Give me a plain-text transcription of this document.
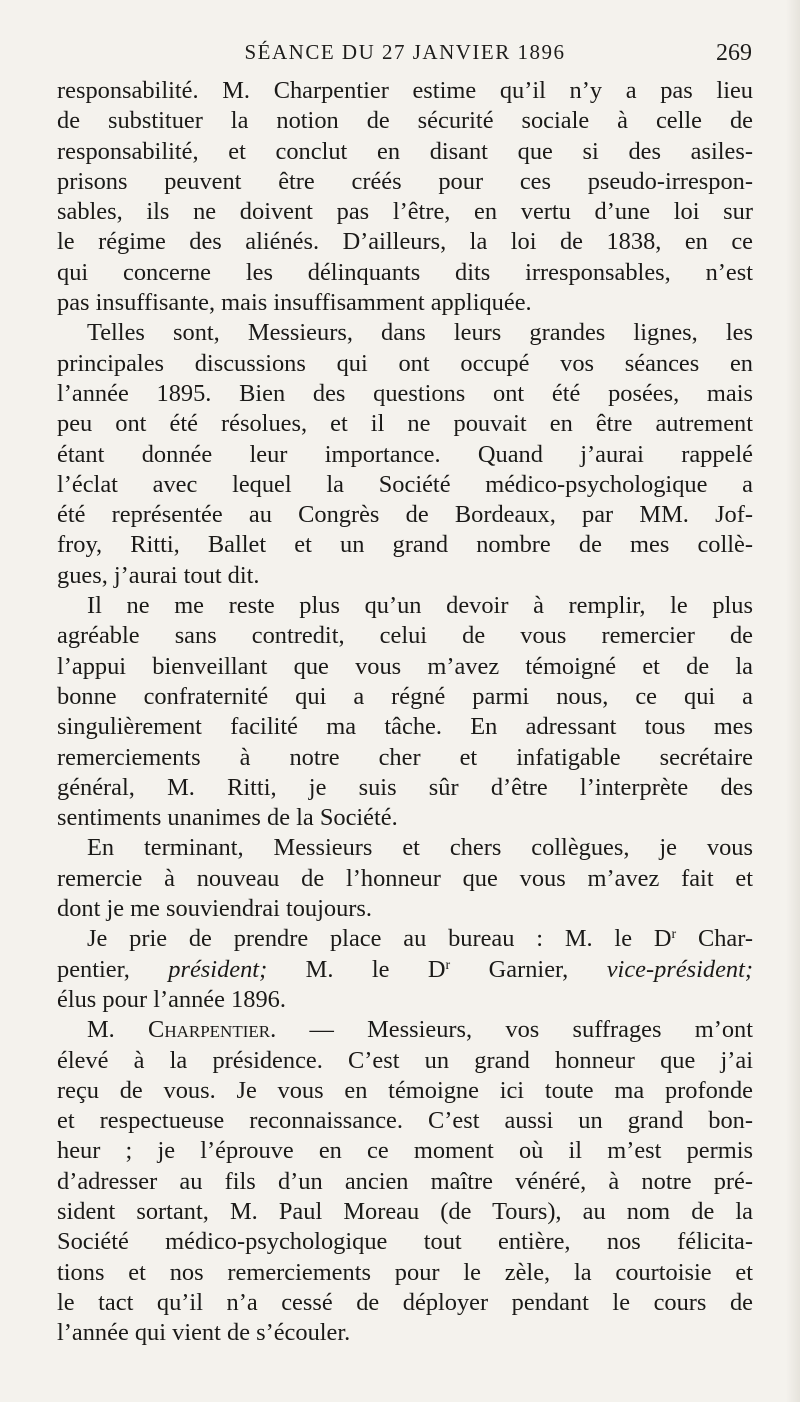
SÉANCE DU 27 JANVIER 1896	269
responsabilité. M. Charpentier estime qu’il n’y a pas lieu
de substituer la notion de sécurité sociale à celle de
responsabilité, et conclut en disant que si des asiles-
prisons peuvent être créés pour ces pseudo-irrespon-
sables, ils ne doivent pas l’être, en vertu d’une loi sur
le régime des aliénés. D’ailleurs, la loi de 1838, en ce
qui concerne les délinquants dits irresponsables, n’est
pas insuffisante, mais insuffisamment appliquée.
Telles sont, Messieurs, dans leurs grandes lignes, les
principales discussions qui ont occupé vos séances en
l’année 1895. Bien des questions ont été posées, mais
peu ont été résolues, et il ne pouvait en être autrement
étant donnée leur importance. Quand j’aurai rappelé
l’éclat avec lequel la Société médico-psychologique a
été représentée au Congrès de Bordeaux, par MM. Jof-
froy, Ritti, Ballet et un grand nombre de mes collè-
gues, j’aurai tout dit.
Il ne me reste plus qu’un devoir à remplir, le plus
agréable sans contredit, celui de vous remercier de
l’appui bienveillant que vous m’avez témoigné et de la
bonne confraternité qui a régné parmi nous, ce qui a
singulièrement facilité ma tâche. En adressant tous mes
remerciements à notre cher et infatigable secrétaire
général, M. Ritti, je suis sûr d’être l’interprète des
sentiments unanimes de la Société.
En terminant, Messieurs et chers collègues, je vous
remercie à nouveau de l’honneur que vous m’avez fait et
dont je me souviendrai toujours.
Je prie de prendre place au bureau : M. le $D^r$ Char-
pentier, président; M. le $D^r$ Garnier, vice-président;
élus pour l’année 1896.
M. Charpentier. — Messieurs, vos suffrages m’ont
élevé à la présidence. C’est un grand honneur que j’ai
reçu de vous. Je vous en témoigne ici toute ma profonde
et respectueuse reconnaissance. C’est aussi un grand bon-
heur ; je l’éprouve en ce moment où il m’est permis
d’adresser au fils d’un ancien maître vénéré, à notre pré-
sident sortant, M. Paul Moreau (de Tours), au nom de la
Société médico-psychologique tout entière, nos félicita-
tions et nos remerciements pour le zèle, la courtoisie et
le tact qu’il n’a cessé de déployer pendant le cours de
l’année qui vient de s’écouler.
